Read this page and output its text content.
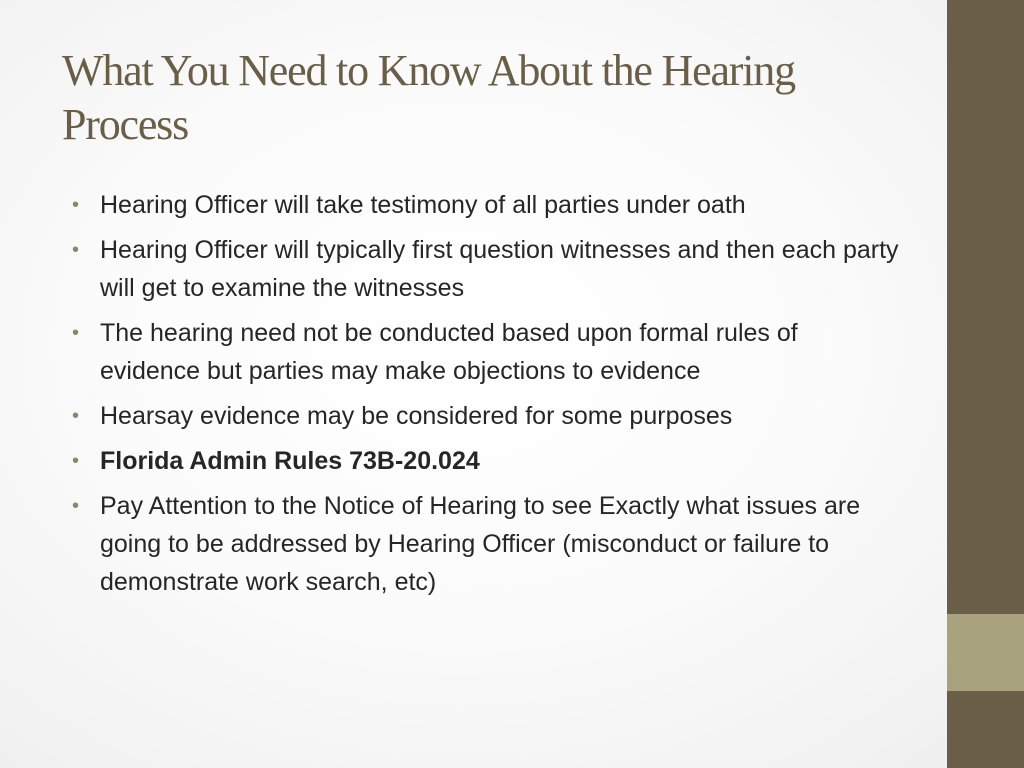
What You Need to Know About the Hearing Process
• Hearing Officer will take testimony of all parties under oath
• Hearing Officer will typically first question witnesses and then each party will get to examine the witnesses
• The hearing need not be conducted based upon formal rules of evidence but parties may make objections to evidence
• Hearsay evidence may be considered for some purposes
• Florida Admin Rules 73B-20.024
• Pay Attention to the Notice of Hearing to see Exactly what issues are going to be addressed by Hearing Officer (misconduct or failure to demonstrate work search, etc)
